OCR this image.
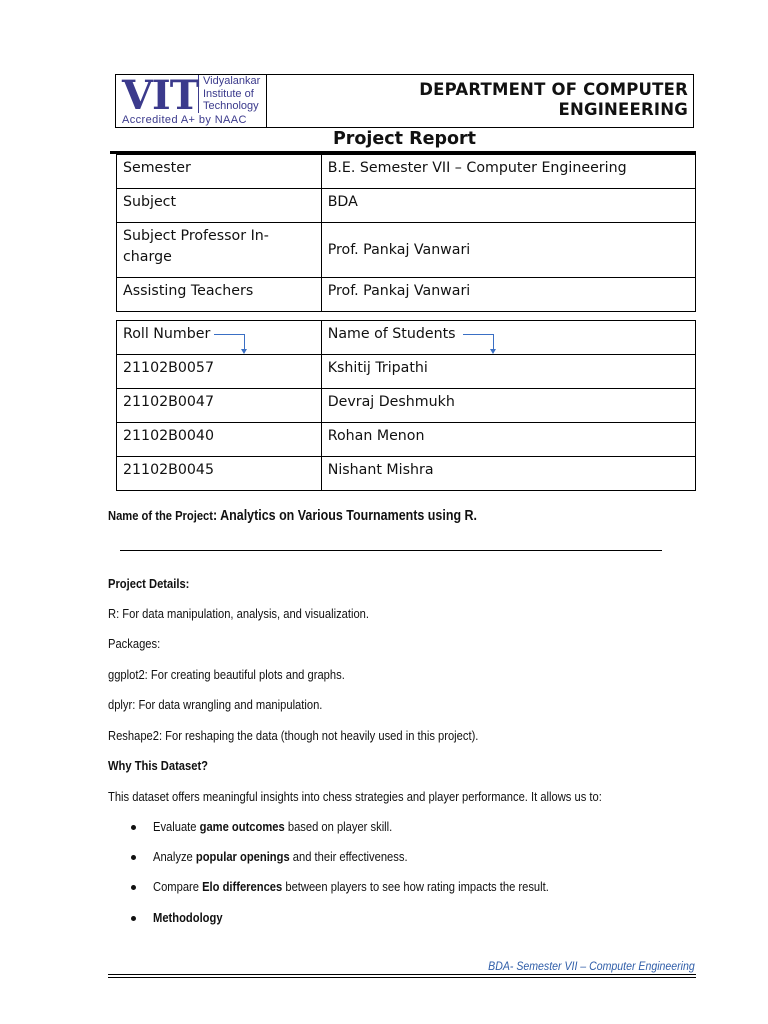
VIT Vidyalankar
Institute of
Technology
Accredited A+ by NAAC
DEPARTMENT OF COMPUTER
ENGINEERING
Project Report
Semester	B.E. Semester VII – Computer Engineering
Subject	BDA
Subject Professor In-charge	Prof. Pankaj Vanwari
Assisting Teachers	Prof. Pankaj Vanwari
Roll Number	Name of Students
21102B0057	Kshitij Tripathi
21102B0047	Devraj Deshmukh
21102B0040	Rohan Menon
21102B0045	Nishant Mishra
Name of the Project: Analytics on Various Tournaments using R.
Project Details:
R: For data manipulation, analysis, and visualization.
Packages:
ggplot2: For creating beautiful plots and graphs.
dplyr: For data wrangling and manipulation.
Reshape2: For reshaping the data (though not heavily used in this project).
Why This Dataset?
This dataset offers meaningful insights into chess strategies and player performance. It allows us to:
Evaluate game outcomes based on player skill.
Analyze popular openings and their effectiveness.
Compare Elo differences between players to see how rating impacts the result.
Methodology
BDA- Semester VII – Computer Engineering
